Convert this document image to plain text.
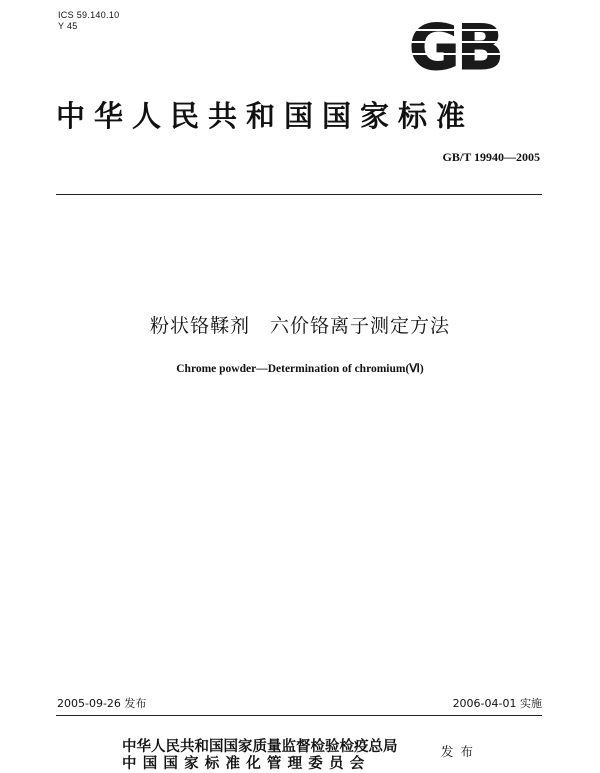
ICS 59.140.10
Y 45	GB
中华人民共和国国家标准
GB/T 19940—2005
粉状铬鞣剂　六价铬离子测定方法
Chrome powder—Determination of chromium(Ⅵ)
2005-09-26 发布	2006-04-01 实施
中华人民共和国国家质量监督检验检疫总局
中国国家标准化管理委员会
发布
